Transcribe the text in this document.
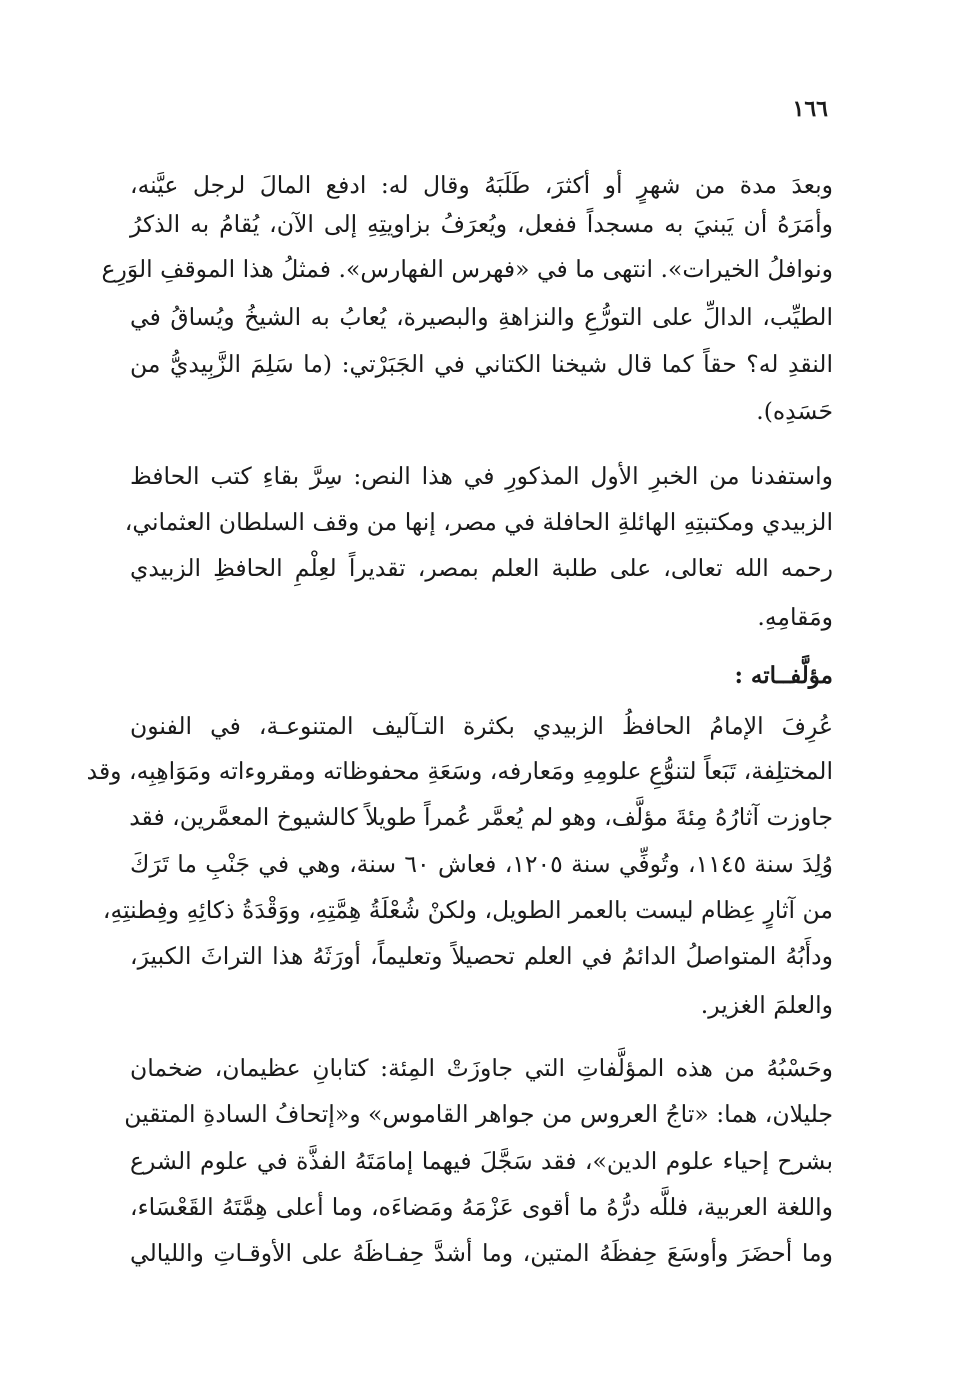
١٦٦
وبعدَ مدة من شهرٍ أو أكثرَ، طَلَبَهُ وقال له: ادفع المالَ لرجل عيَّنه،
وأمَرَهُ أن يَبنيَ به مسجداً ففعل، ويُعرَفُ بزاويتِهِ إلى الآن، يُقامُ به الذكرُ
ونوافلُ الخيرات». انتهى ما في «فهرس الفهارس». فمثلُ هذا الموقفِ الوَرِع
الطيِّب، الدالِّ على التورُّعِ والنزاهةِ والبصيرة، يُعابُ به الشيخُ ويُساقُ في
النقدِ له؟ حقاً كما قال شيخنا الكتاني في الجَبَرْتي: (ما سَلِمَ الزَّبِيديُّ من
حَسَدِه).
واستفدنا من الخبرِ الأول المذكورِ في هذا النص: سِرَّ بقاءِ كتب الحافظ
الزبيدي ومكتبتِهِ الهائلةِ الحافلة في مصر، إنها من وقف السلطان العثماني،
رحمه الله تعالى، على طلبة العلم بمصر، تقديراً لعِلْمِ الحافظِ الزبيدي
ومَقامِهِ.
مؤلَّفــاته :
عُرِفَ الإمامُ الحافظُ الزبيدي بكثرة التـآليف المتنوعـة، في الفنون
المختلِفة، تَبَعاً لتنوُّعِ علومِهِ ومَعارفه، وسَعَةِ محفوظاته ومقروءاته ومَوَاهِبِه، وقد
جاوزت آثارُهُ مِئةَ مؤلَّف، وهو لم يُعمَّر عُمراً طويلاً كالشيوخ المعمَّرين، فقد
وُلِدَ سنة ١١٤٥، وتُوفِّي سنة ١٢٠٥، فعاش ٦٠ سنة، وهي في جَنْبِ ما تَرَكَ
من آثارٍ عِظام ليست بالعمر الطويل، ولكنْ شُعْلَةُ هِمَّتِهِ، ووَقْدَةُ ذكائِهِ وفِطنتِهِ،
ودأَبُهُ المتواصلُ الدائمُ في العلم تحصيلاً وتعليماً، أورَثَهُ هذا التراثَ الكبيرَ،
والعلمَ الغزير.
وحَسْبُهُ من هذه المؤلَّفاتِ التي جاوزَتْ المِئة: كتابانِ عظيمان، ضخمان
جليلان، هما: «تاجُ العروس من جواهر القاموس» و«إتحافُ السادةِ المتقين
بشرح إحياء علوم الدين»، فقد سَجَّلَ فيهما إمامَتَهُ الفذَّة في علوم الشرع
واللغة العربية، فللَّه درُّهُ ما أقوى عَزْمَهُ ومَضاءَه، وما أعلى هِمَّتَهُ القَعْسَاء،
وما أحضَرَ وأوسَعَ حِفظَهُ المتين، وما أشدَّ حِفـاظَهُ على الأوقـاتِ والليالي
